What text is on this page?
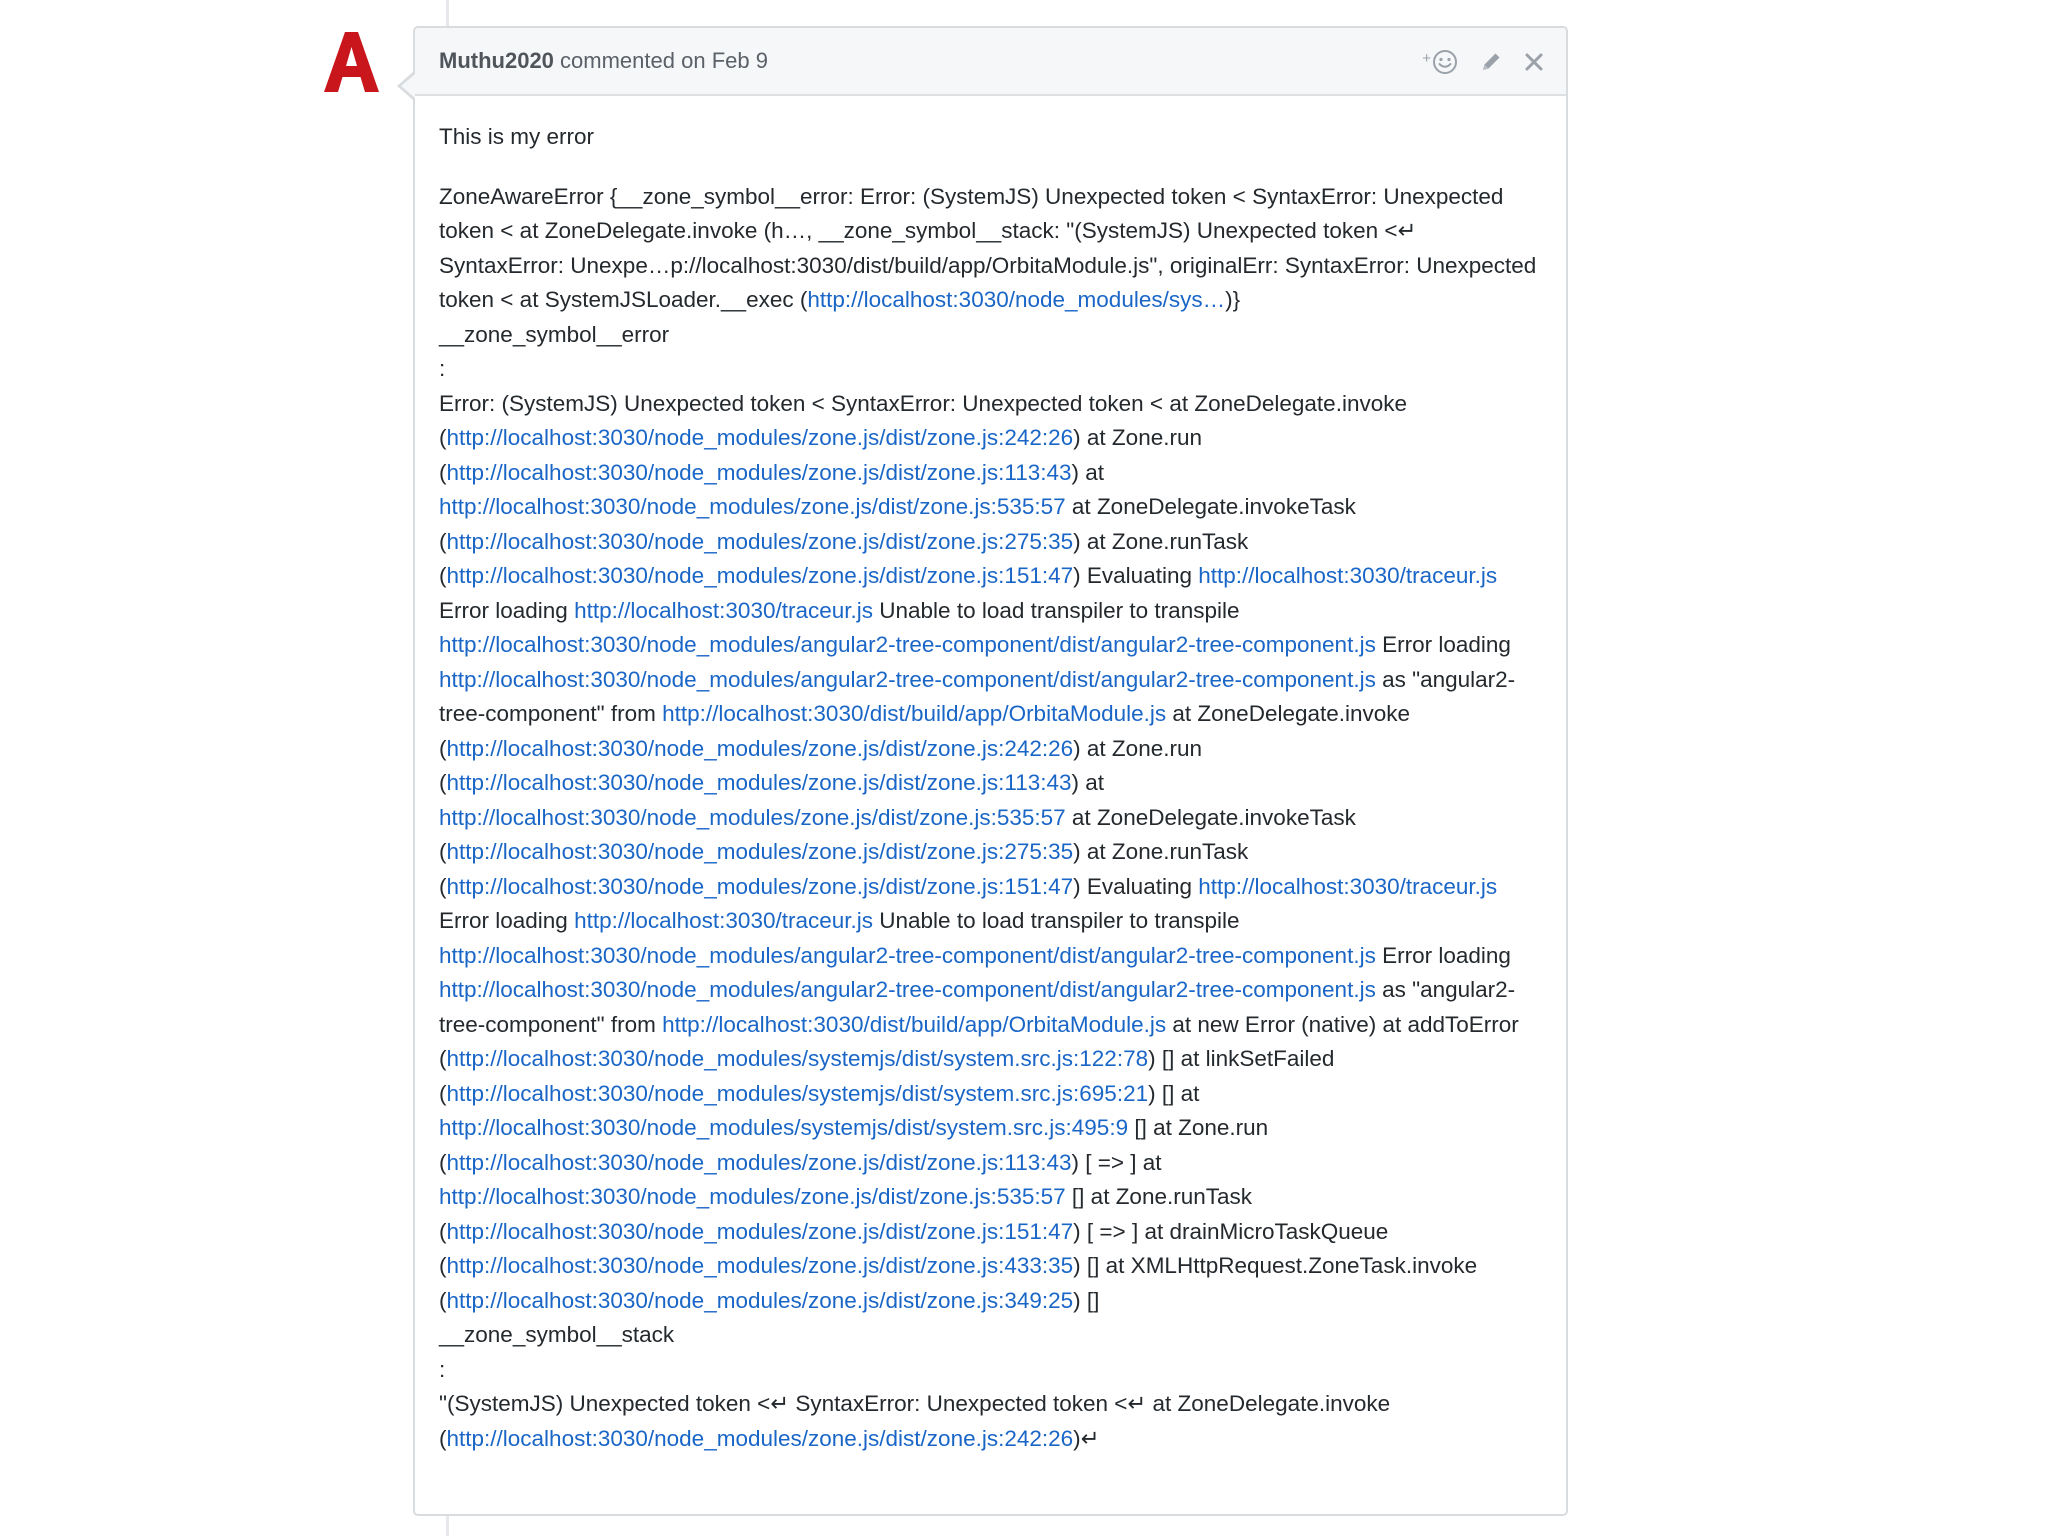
Muthu2020 commented on Feb 9	+

This is my error

ZoneAwareError {__zone_symbol__error: Error: (SystemJS) Unexpected token < SyntaxError: Unexpected token < at ZoneDelegate.invoke (h…, __zone_symbol__stack: "(SystemJS) Unexpected token <↵ SyntaxError: Unexpe…p://localhost:3030/dist/build/app/OrbitaModule.js", originalErr: SyntaxError: Unexpected token < at SystemJSLoader.__exec (http://localhost:3030/node_modules/sys…)}
__zone_symbol__error
:
Error: (SystemJS) Unexpected token < SyntaxError: Unexpected token < at ZoneDelegate.invoke (http://localhost:3030/node_modules/zone.js/dist/zone.js:242:26) at Zone.run (http://localhost:3030/node_modules/zone.js/dist/zone.js:113:43) at http://localhost:3030/node_modules/zone.js/dist/zone.js:535:57 at ZoneDelegate.invokeTask (http://localhost:3030/node_modules/zone.js/dist/zone.js:275:35) at Zone.runTask (http://localhost:3030/node_modules/zone.js/dist/zone.js:151:47) Evaluating http://localhost:3030/traceur.js Error loading http://localhost:3030/traceur.js Unable to load transpiler to transpile http://localhost:3030/node_modules/angular2-tree-component/dist/angular2-tree-component.js Error loading http://localhost:3030/node_modules/angular2-tree-component/dist/angular2-tree-component.js as "angular2-tree-component" from http://localhost:3030/dist/build/app/OrbitaModule.js at ZoneDelegate.invoke (http://localhost:3030/node_modules/zone.js/dist/zone.js:242:26) at Zone.run (http://localhost:3030/node_modules/zone.js/dist/zone.js:113:43) at http://localhost:3030/node_modules/zone.js/dist/zone.js:535:57 at ZoneDelegate.invokeTask (http://localhost:3030/node_modules/zone.js/dist/zone.js:275:35) at Zone.runTask (http://localhost:3030/node_modules/zone.js/dist/zone.js:151:47) Evaluating http://localhost:3030/traceur.js Error loading http://localhost:3030/traceur.js Unable to load transpiler to transpile http://localhost:3030/node_modules/angular2-tree-component/dist/angular2-tree-component.js Error loading http://localhost:3030/node_modules/angular2-tree-component/dist/angular2-tree-component.js as "angular2-tree-component" from http://localhost:3030/dist/build/app/OrbitaModule.js at new Error (native) at addToError (http://localhost:3030/node_modules/systemjs/dist/system.src.js:122:78) [] at linkSetFailed (http://localhost:3030/node_modules/systemjs/dist/system.src.js:695:21) [] at http://localhost:3030/node_modules/systemjs/dist/system.src.js:495:9 [] at Zone.run (http://localhost:3030/node_modules/zone.js/dist/zone.js:113:43) [ => ] at http://localhost:3030/node_modules/zone.js/dist/zone.js:535:57 [] at Zone.runTask (http://localhost:3030/node_modules/zone.js/dist/zone.js:151:47) [ => ] at drainMicroTaskQueue (http://localhost:3030/node_modules/zone.js/dist/zone.js:433:35) [] at XMLHttpRequest.ZoneTask.invoke (http://localhost:3030/node_modules/zone.js/dist/zone.js:349:25) []
__zone_symbol__stack
:
"(SystemJS) Unexpected token <↵ SyntaxError: Unexpected token <↵ at ZoneDelegate.invoke (http://localhost:3030/node_modules/zone.js/dist/zone.js:242:26)↵
